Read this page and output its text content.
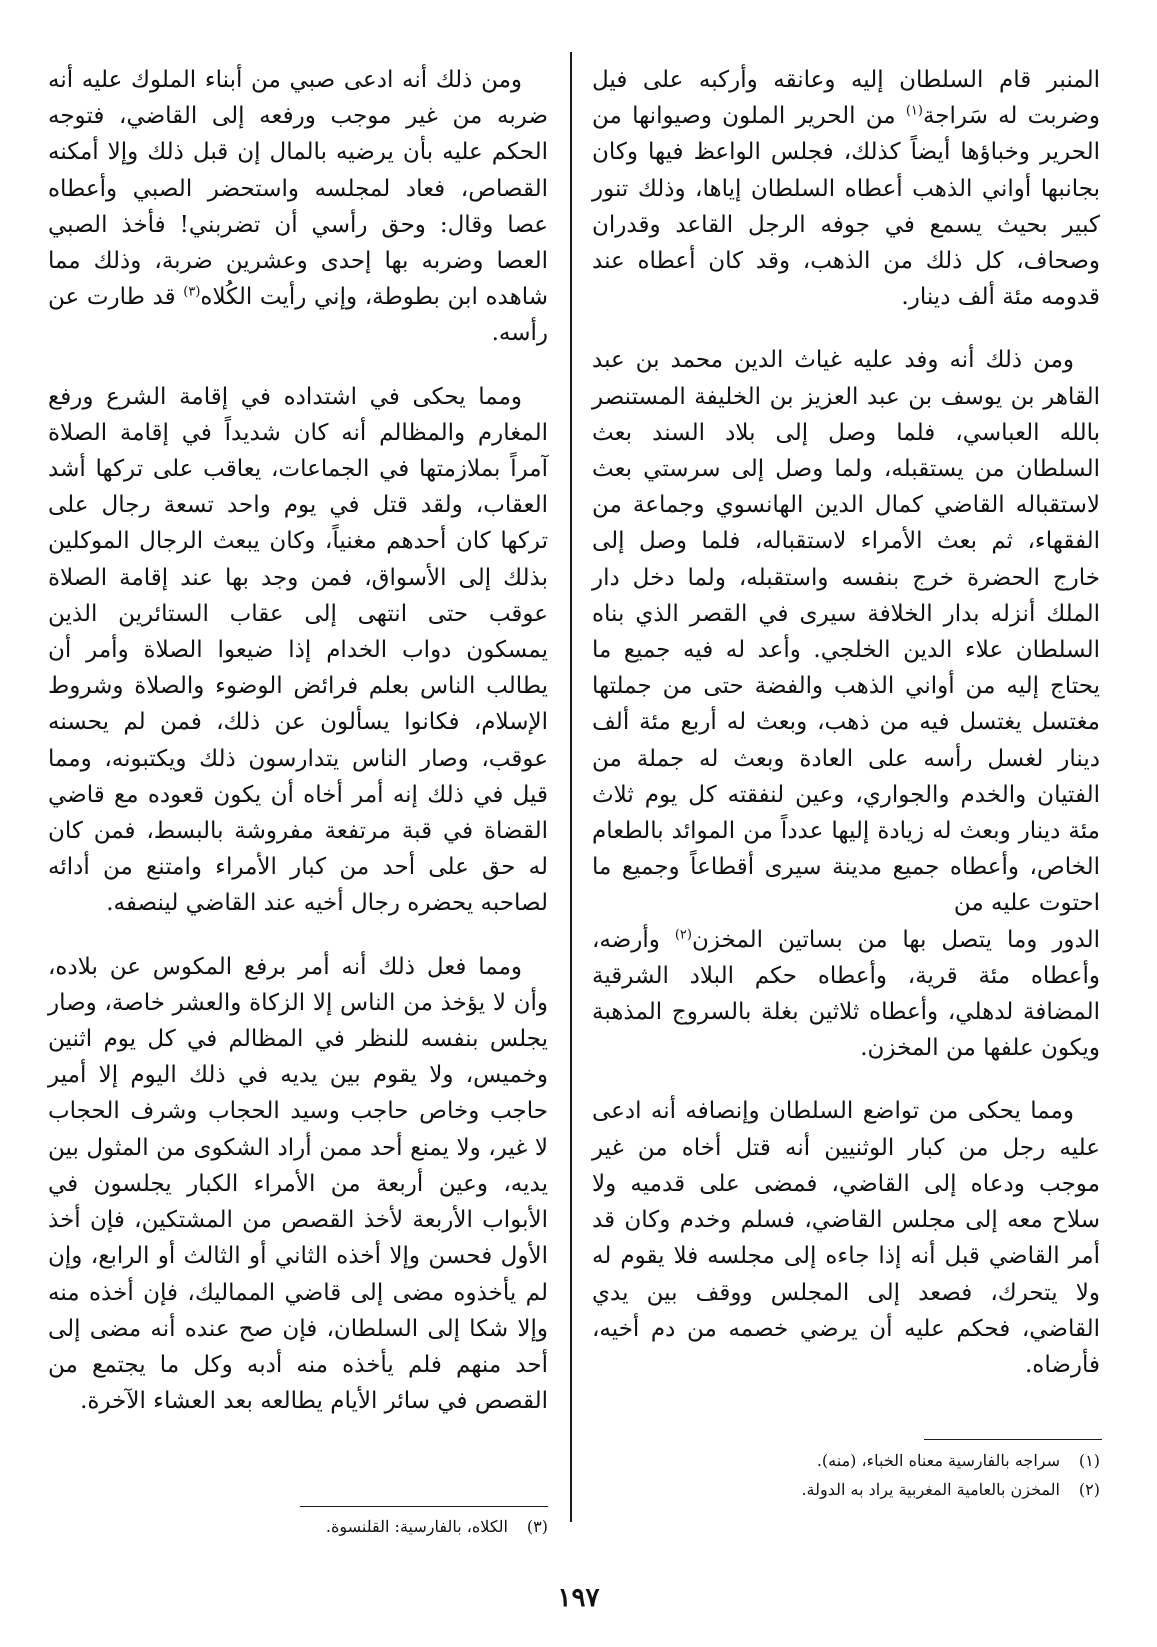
المنبر قام السلطان إليه وعانقه وأركبه على فيل وضربت له سَراجة$^{(١)}$ من الحرير الملون وصيوانها من الحرير وخباؤها أيضاً كذلك، فجلس الواعظ فيها وكان بجانبها أواني الذهب أعطاه السلطان إياها، وذلك تنور كبير بحيث يسمع في جوفه الرجل القاعد وقدران وصحاف، كل ذلك من الذهب، وقد كان أعطاه عند قدومه مئة ألف دينار.

ومن ذلك أنه وفد عليه غياث الدين محمد بن عبد القاهر بن يوسف بن عبد العزيز بن الخليفة المستنصر بالله العباسي، فلما وصل إلى بلاد السند بعث السلطان من يستقبله، ولما وصل إلى سرستي بعث لاستقباله القاضي كمال الدين الهانسوي وجماعة من الفقهاء، ثم بعث الأمراء لاستقباله، فلما وصل إلى خارج الحضرة خرج بنفسه واستقبله، ولما دخل دار الملك أنزله بدار الخلافة سيرى في القصر الذي بناه السلطان علاء الدين الخلجي. وأعد له فيه جميع ما يحتاج إليه من أواني الذهب والفضة حتى من جملتها مغتسل يغتسل فيه من ذهب، وبعث له أربع مئة ألف دينار لغسل رأسه على العادة وبعث له جملة من الفتيان والخدم والجواري، وعين لنفقته كل يوم ثلاث مئة دينار وبعث له زيادة إليها عدداً من الموائد بالطعام الخاص، وأعطاه جميع مدينة سيرى أقطاعاً وجميع ما احتوت عليه من

الدور وما يتصل بها من بساتين المخزن$^{(٢)}$ وأرضه، وأعطاه مئة قرية، وأعطاه حكم البلاد الشرقية المضافة لدهلي، وأعطاه ثلاثين بغلة بالسروج المذهبة ويكون علفها من المخزن.

ومما يحكى من تواضع السلطان وإنصافه أنه ادعى عليه رجل من كبار الوثنيين أنه قتل أخاه من غير موجب ودعاه إلى القاضي، فمضى على قدميه ولا سلاح معه إلى مجلس القاضي، فسلم وخدم وكان قد أمر القاضي قبل أنه إذا جاءه إلى مجلسه فلا يقوم له ولا يتحرك، فصعد إلى المجلس ووقف بين يدي القاضي، فحكم عليه أن يرضي خصمه من دم أخيه، فأرضاه.

ومن ذلك أنه ادعى صبي من أبناء الملوك عليه أنه ضربه من غير موجب ورفعه إلى القاضي، فتوجه الحكم عليه بأن يرضيه بالمال إن قبل ذلك وإلا أمكنه القصاص، فعاد لمجلسه واستحضر الصبي وأعطاه عصا وقال: وحق رأسي أن تضربني! فأخذ الصبي العصا وضربه بها إحدى وعشرين ضربة، وذلك مما شاهده ابن بطوطة، وإني رأيت الكُلاه$^{(٣)}$ قد طارت عن رأسه.

ومما يحكى في اشتداده في إقامة الشرع ورفع المغارم والمظالم أنه كان شديداً في إقامة الصلاة آمراً بملازمتها في الجماعات، يعاقب على تركها أشد العقاب، ولقد قتل في يوم واحد تسعة رجال على تركها كان أحدهم مغنياً، وكان يبعث الرجال الموكلين بذلك إلى الأسواق، فمن وجد بها عند إقامة الصلاة عوقب حتى انتهى إلى عقاب الستائرين الذين يمسكون دواب الخدام إذا ضيعوا الصلاة وأمر أن يطالب الناس بعلم فرائض الوضوء والصلاة وشروط الإسلام، فكانوا يسألون عن ذلك، فمن لم يحسنه عوقب، وصار الناس يتدارسون ذلك ويكتبونه، ومما قيل في ذلك إنه أمر أخاه أن يكون قعوده مع قاضي القضاة في قبة مرتفعة مفروشة بالبسط، فمن كان له حق على أحد من كبار الأمراء وامتنع من أدائه لصاحبه يحضره رجال أخيه عند القاضي لينصفه.

ومما فعل ذلك أنه أمر برفع المكوس عن بلاده، وأن لا يؤخذ من الناس إلا الزكاة والعشر خاصة، وصار يجلس بنفسه للنظر في المظالم في كل يوم اثنين وخميس، ولا يقوم بين يديه في ذلك اليوم إلا أمير حاجب وخاص حاجب وسيد الحجاب وشرف الحجاب لا غير، ولا يمنع أحد ممن أراد الشكوى من المثول بين يديه، وعين أربعة من الأمراء الكبار يجلسون في الأبواب الأربعة لأخذ القصص من المشتكين، فإن أخذ الأول فحسن وإلا أخذه الثاني أو الثالث أو الرابع، وإن لم يأخذوه مضى إلى قاضي المماليك، فإن أخذه منه وإلا شكا إلى السلطان، فإن صح عنده أنه مضى إلى أحد منهم فلم يأخذه منه أدبه وكل ما يجتمع من القصص في سائر الأيام يطالعه بعد العشاء الآخرة.

(١)سراجه بالفارسية معناه الخباء، (منه).
(٢)المخزن بالعامية المغربية يراد به الدولة.
(٣)الكلاه، بالفارسية: القلنسوة.
١٩٧
